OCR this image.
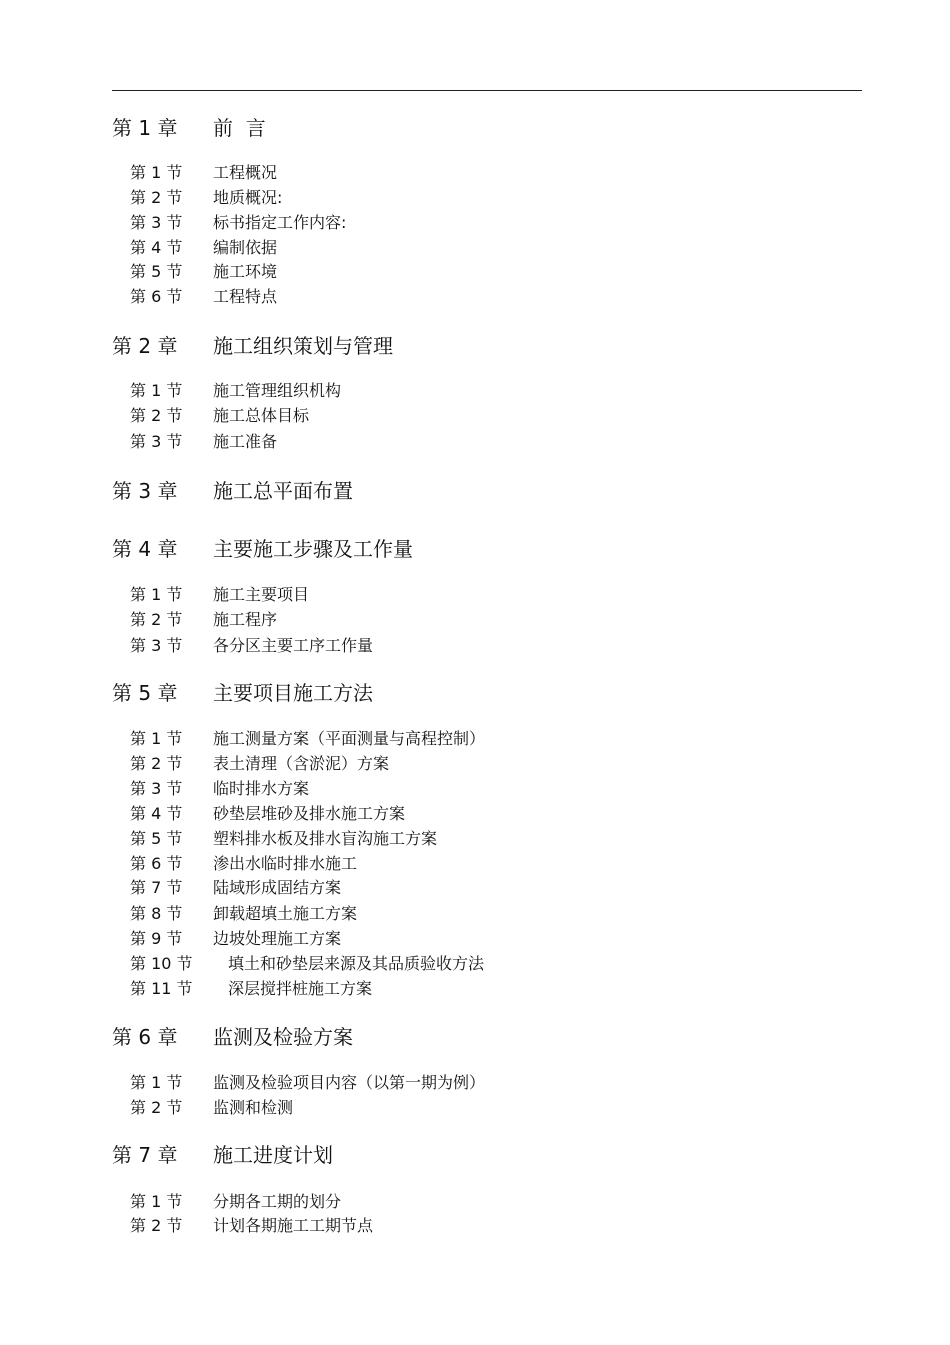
第 1 章 前  言
第 1 节 工程概况
第 2 节 地质概况:
第 3 节 标书指定工作内容:
第 4 节 编制依据
第 5 节 施工环境
第 6 节 工程特点
第 2 章 施工组织策划与管理
第 1 节 施工管理组织机构
第 2 节 施工总体目标
第 3 节 施工准备
第 3 章 施工总平面布置
第 4 章 主要施工步骤及工作量
第 1 节 施工主要项目
第 2 节 施工程序
第 3 节 各分区主要工序工作量
第 5 章 主要项目施工方法
第 1 节 施工测量方案（平面测量与高程控制）
第 2 节 表土清理（含淤泥）方案
第 3 节 临时排水方案
第 4 节 砂垫层堆砂及排水施工方案
第 5 节 塑料排水板及排水盲沟施工方案
第 6 节 渗出水临时排水施工
第 7 节 陆域形成固结方案
第 8 节 卸载超填土施工方案
第 9 节 边坡处理施工方案
第 10 节 填土和砂垫层来源及其品质验收方法
第 11 节 深层搅拌桩施工方案
第 6 章 监测及检验方案
第 1 节 监测及检验项目内容（以第一期为例）
第 2 节 监测和检测
第 7 章 施工进度计划
第 1 节 分期各工期的划分
第 2 节 计划各期施工工期节点
